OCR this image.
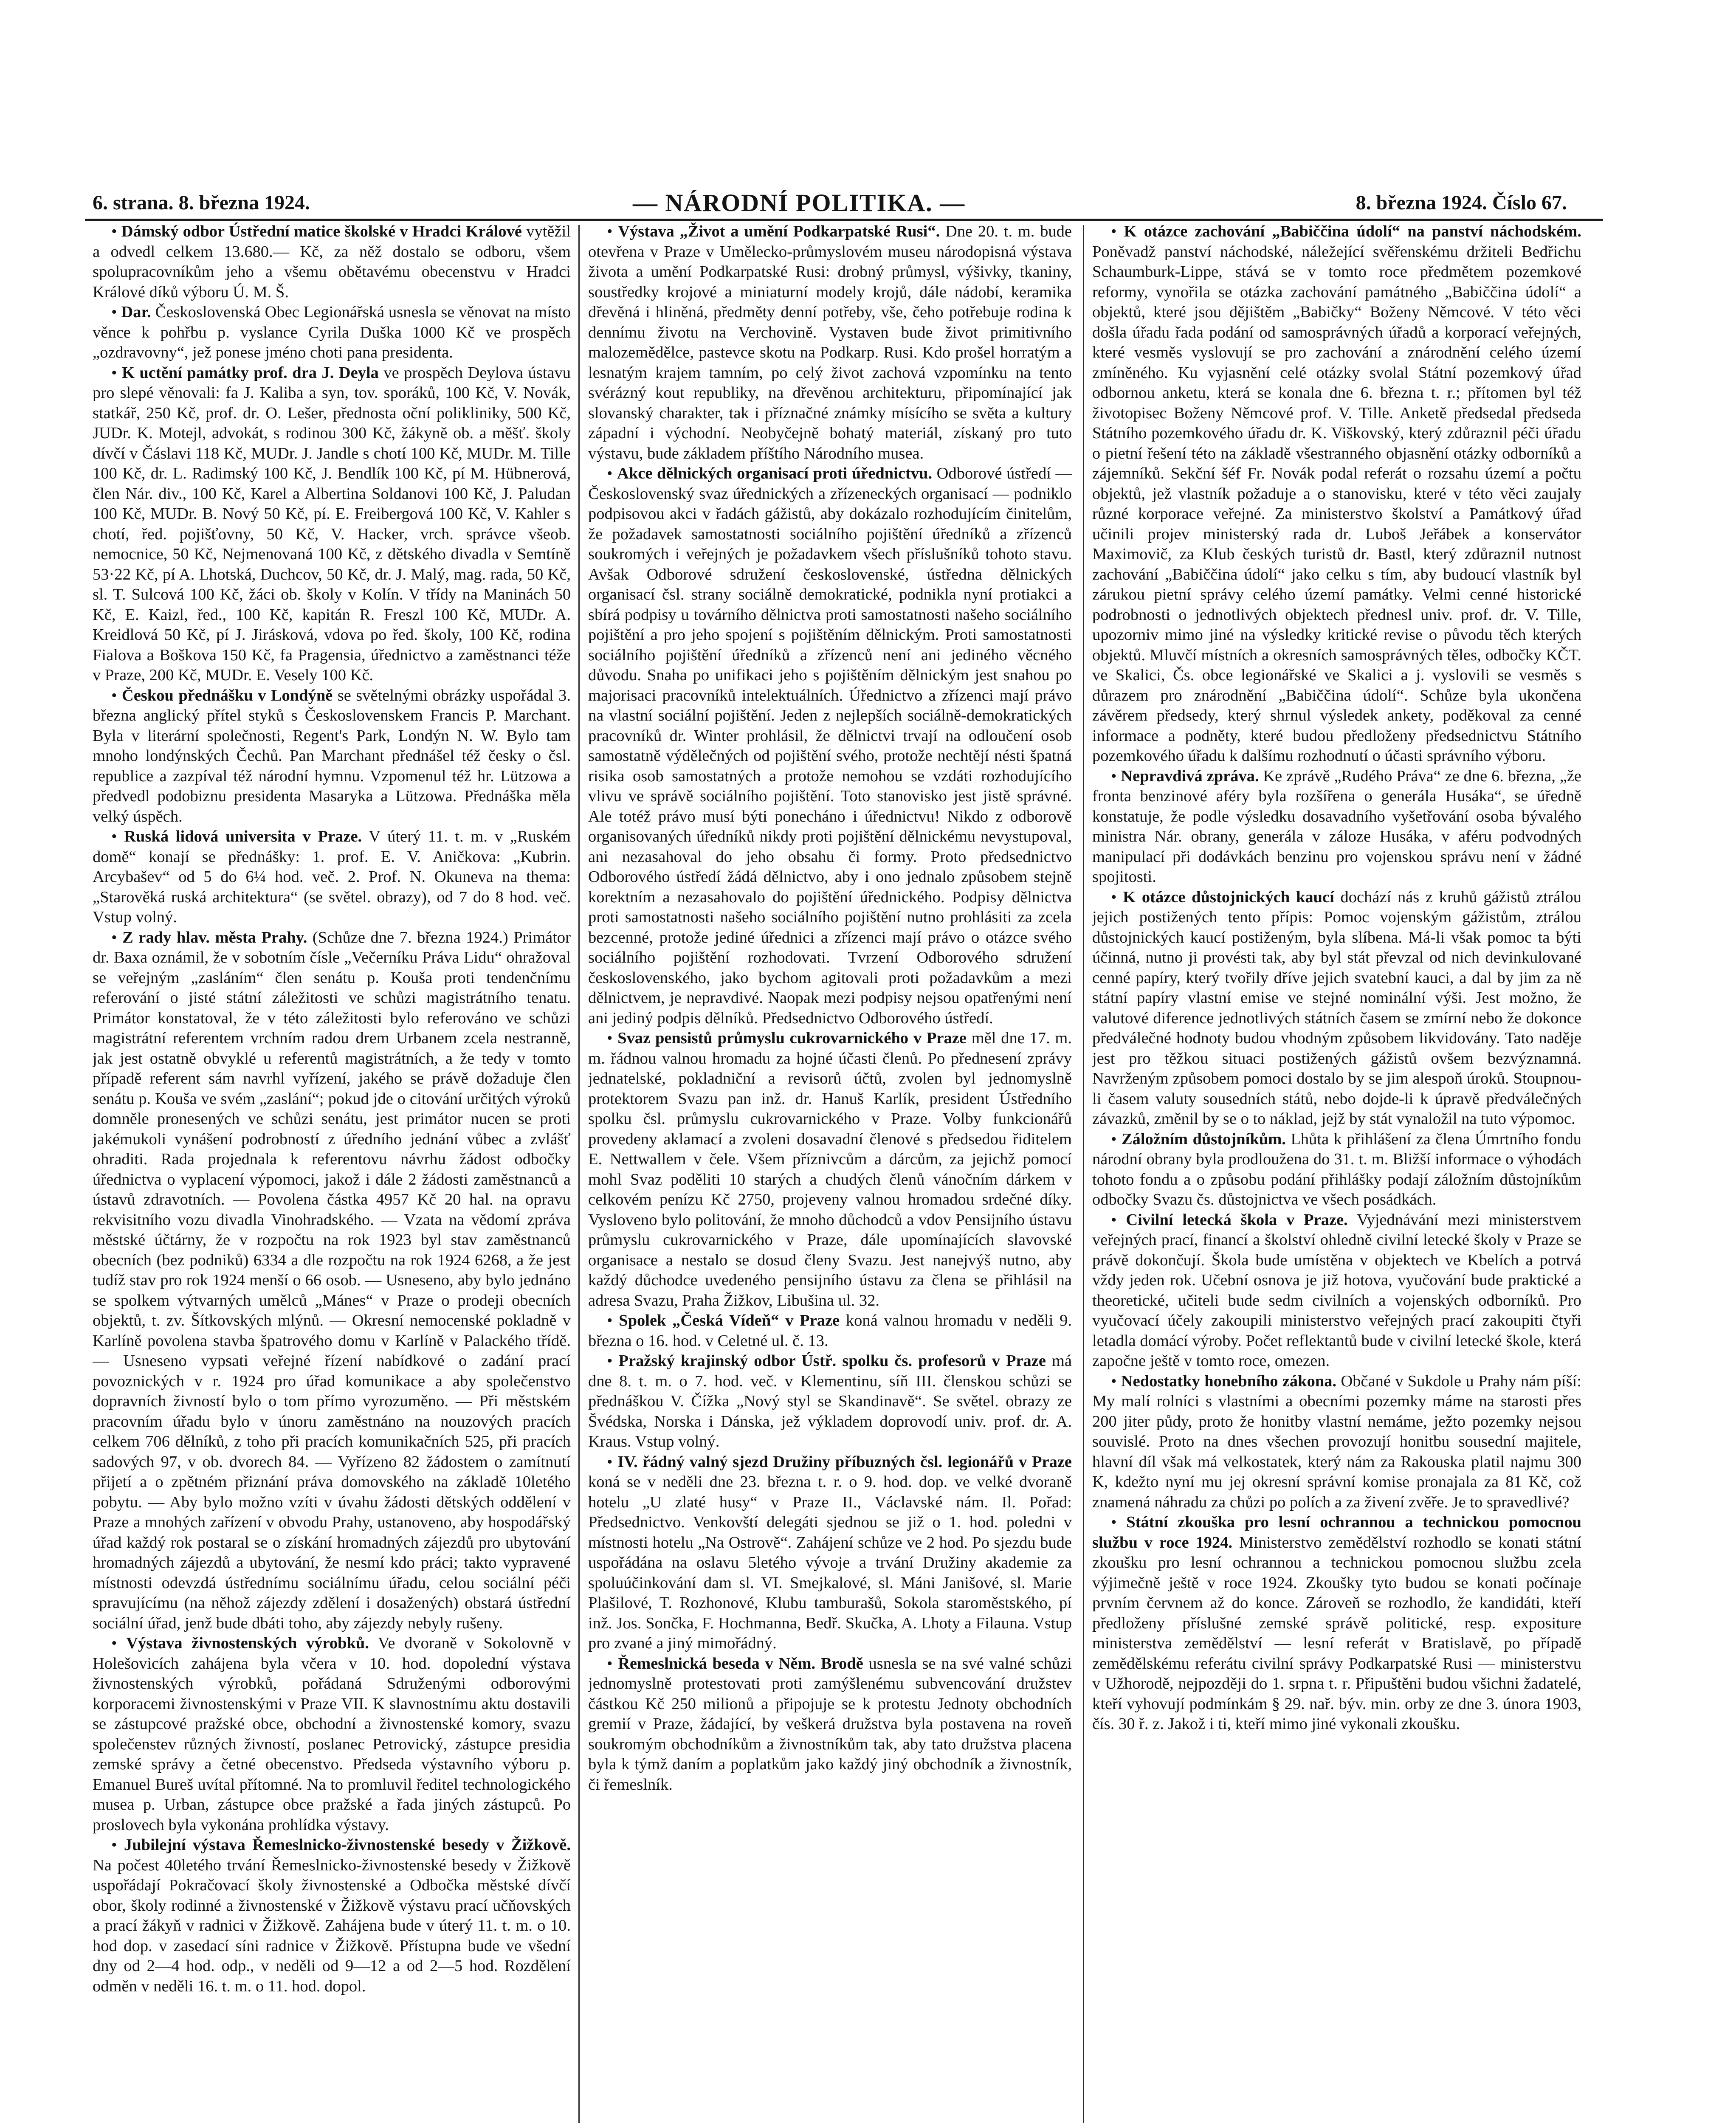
6. strana. 8. března 1924.	— NÁRODNÍ POLITIKA. —	8. března 1924. Číslo 67.

• Dámský odbor Ústřední matice školské v Hradci Králové vytěžil a odvedl celkem 13.680.— Kč, za něž dostalo se odboru, všem spolupracovníkům jeho a všemu obětavému obecenstvu v Hradci Králové díků výboru Ú. M. Š.

• Dar. Československá Obec Legionářská usnesla se věnovat na místo věnce k pohřbu p. vyslance Cyrila Duška 1000 Kč ve prospěch „ozdravovny“, jež ponese jméno choti pana presidenta.

• K uctění památky prof. dra J. Deyla ve prospěch Deylova ústavu pro slepé věnovali: fa J. Kaliba a syn, tov. sporáků, 100 Kč, V. Novák, statkář, 250 Kč, prof. dr. O. Lešer, přednosta oční polikliniky, 500 Kč, JUDr. K. Motejl, advokát, s rodinou 300 Kč, žákyně ob. a měšť. školy dívčí v Čáslavi 118 Kč, MUDr. J. Jandle s chotí 100 Kč, MUDr. M. Tille 100 Kč, dr. L. Radimský 100 Kč, J. Bendlík 100 Kč, pí M. Hübnerová, člen Nár. div., 100 Kč, Karel a Albertina Soldanovi 100 Kč, J. Paludan 100 Kč, MUDr. B. Nový 50 Kč, pí. E. Freibergová 100 Kč, V. Kahler s chotí, řed. pojišťovny, 50 Kč, V. Hacker, vrch. správce všeob. nemocnice, 50 Kč, Nejmenovaná 100 Kč, z dětského divadla v Semtíně 53·22 Kč, pí A. Lhotská, Duchcov, 50 Kč, dr. J. Malý, mag. rada, 50 Kč, sl. T. Sulcová 100 Kč, žáci ob. školy v Kolín. V třídy na Maninách 50 Kč, E. Kaizl, řed., 100 Kč, kapitán R. Freszl 100 Kč, MUDr. A. Kreidlová 50 Kč, pí J. Jirásková, vdova po řed. školy, 100 Kč, rodina Fialova a Boškova 150 Kč, fa Pragensia, úřednictvo a zaměstnanci téže v Praze, 200 Kč, MUDr. E. Vesely 100 Kč.

• Českou přednášku v Londýně se světelnými obrázky uspořádal 3. března anglický přítel styků s Československem Francis P. Marchant. Byla v literární společnosti, Regent's Park, Londýn N. W. Bylo tam mnoho londýnských Čechů. Pan Marchant přednášel též česky o čsl. republice a zazpíval též národní hymnu. Vzpomenul též hr. Lützowa a předvedl podobiznu presidenta Masaryka a Lützowa. Přednáška měla velký úspěch.

• Ruská lidová universita v Praze. V úterý 11. t. m. v „Ruském domě“ konají se přednášky: 1. prof. E. V. Aničkova: „Kubrin. Arcybašev“ od 5 do 6¼ hod. več. 2. Prof. N. Okuneva na thema: „Starověká ruská architektura“ (se světel. obrazy), od 7 do 8 hod. več. Vstup volný.

• Z rady hlav. města Prahy. (Schůze dne 7. března 1924.) Primátor dr. Baxa oznámil, že v sobotním čísle „Večerníku Práva Lidu“ ohražoval se veřejným „zasláním“ člen senátu p. Kouša proti tendenčnímu referování o jisté státní záležitosti ve schůzi magistrátního tenatu. Primátor konstatoval, že v této záležitosti bylo referováno ve schůzi magistrátní referentem vrchním radou drem Urbanem zcela nestranně, jak jest ostatně obvyklé u referentů magistrátních, a že tedy v tomto případě referent sám navrhl vyřízení, jakého se právě dožaduje člen senátu p. Kouša ve svém „zaslání“; pokud jde o citování určitých výroků domněle pronesených ve schůzi senátu, jest primátor nucen se proti jakémukoli vynášení podrobností z úředního jednání vůbec a zvlášť ohraditi. Rada projednala k referentovu návrhu žádost odbočky úřednictva o vyplacení výpomoci, jakož i dále 2 žádosti zaměstnanců a ústavů zdravotních. — Povolena částka 4957 Kč 20 hal. na opravu rekvisitního vozu divadla Vinohradského. — Vzata na vědomí zpráva městské účtárny, že v rozpočtu na rok 1923 byl stav zaměstnanců obecních (bez podniků) 6334 a dle rozpočtu na rok 1924 6268, a že jest tudíž stav pro rok 1924 menší o 66 osob. — Usneseno, aby bylo jednáno se spolkem výtvarných umělců „Mánes“ v Praze o prodeji obecních objektů, t. zv. Šítkovských mlýnů. — Okresní nemocenské pokladně v Karlíně povolena stavba špatrového domu v Karlíně v Palackého třídě. — Usneseno vypsati veřejné řízení nabídkové o zadání prací povoznických v r. 1924 pro úřad komunikace a aby společenstvo dopravních živností bylo o tom přímo vyrozuměno. — Při městském pracovním úřadu bylo v únoru zaměstnáno na nouzových pracích celkem 706 dělníků, z toho při pracích komunikačních 525, při pracích sadových 97, v ob. dvorech 84. — Vyřízeno 82 žádostem o zamítnutí přijetí a o zpětném přiznání práva domovského na základě 10letého pobytu. — Aby bylo možno vzíti v úvahu žádosti dětských oddělení v Praze a mnohých zařízení v obvodu Prahy, ustanoveno, aby hospodářský úřad každý rok postaral se o získání hromadných zájezdů pro ubytování hromadných zájezdů a ubytování, že nesmí kdo práci; takto vypravené místnosti odevzdá ústřednímu sociálnímu úřadu, celou sociální péči spravujícímu (na něhož zájezdy zdělení i dosažených) obstará ústřední sociální úřad, jenž bude dbáti toho, aby zájezdy nebyly rušeny.

• Výstava živnostenských výrobků. Ve dvoraně v Sokolovně v Holešovicích zahájena byla včera v 10. hod. dopolední výstava živnostenských výrobků, pořádaná Sdruženými odborovými korporacemi živnostenskými v Praze VII. K slavnostnímu aktu dostavili se zástupcové pražské obce, obchodní a živnostenské komory, svazu společenstev různých živností, poslanec Petrovický, zástupce presidia zemské správy a četné obecenstvo. Předseda výstavního výboru p. Emanuel Bureš uvítal přítomné. Na to promluvil ředitel technologického musea p. Urban, zástupce obce pražské a řada jiných zástupců. Po proslovech byla vykonána prohlídka výstavy.

• Jubilejní výstava Řemeslnicko-živnostenské besedy v Žižkově. Na počest 40letého trvání Řemeslnicko-živnostenské besedy v Žižkově uspořádají Pokračovací školy živnostenské a Odbočka městské dívčí obor, školy rodinné a živnostenské v Žižkově výstavu prací učňovských a prací žákyň v radnici v Žižkově. Zahájena bude v úterý 11. t. m. o 10. hod dop. v zasedací síni radnice v Žižkově. Přístupna bude ve všední dny od 2—4 hod. odp., v neděli od 9—12 a od 2—5 hod. Rozdělení odměn v neděli 16. t. m. o 11. hod. dopol.

• Výstava „Život a umění Podkarpatské Rusi“. Dne 20. t. m. bude otevřena v Praze v Umělecko-průmyslovém museu národopisná výstava života a umění Podkarpatské Rusi: drobný průmysl, výšivky, tkaniny, soustředky krojové a miniaturní modely krojů, dále nádobí, keramika dřevěná i hliněná, předměty denní potřeby, vše, čeho potřebuje rodina k dennímu životu na Verchovině. Vystaven bude život primitivního malozemědělce, pastevce skotu na Podkarp. Rusi. Kdo prošel horratým a lesnatým krajem tamním, po celý život zachová vzpomínku na tento svérázný kout republiky, na dřevěnou architekturu, připomínající jak slovanský charakter, tak i příznačné známky mísícího se světa a kultury západní i východní. Neobyčejně bohatý materiál, získaný pro tuto výstavu, bude základem příštího Národního musea.

• Akce dělnických organisací proti úřednictvu. Odborové ústředí — Československý svaz úřednických a zřízeneckých organisací — podniklo podpisovou akci v řadách gážistů, aby dokázalo rozhodujícím činitelům, že požadavek samostatnosti sociálního pojištění úředníků a zřízenců soukromých i veřejných je požadavkem všech příslušníků tohoto stavu. Avšak Odborové sdružení československé, ústředna dělnických organisací čsl. strany sociálně demokratické, podnikla nyní protiakci a sbírá podpisy u továrního dělnictva proti samostatnosti našeho sociálního pojištění a pro jeho spojení s pojištěním dělnickým. Proti samostatnosti sociálního pojištění úředníků a zřízenců není ani jediného věcného důvodu. Snaha po unifikaci jeho s pojištěním dělnickým jest snahou po majorisaci pracovníků intelektuálních. Úřednictvo a zřízenci mají právo na vlastní sociální pojištění. Jeden z nejlepších sociálně-demokratických pracovníků dr. Winter prohlásil, že dělnictvi trvají na odloučení osob samostatně výdělečných od pojištění svého, protože nechtějí nésti špatná risika osob samostatných a protože nemohou se vzdáti rozhodujícího vlivu ve správě sociálního pojištění. Toto stanovisko jest jistě správné. Ale totéž právo musí býti ponecháno i úřednictvu! Nikdo z odborově organisovaných úředníků nikdy proti pojištění dělnickému nevystupoval, ani nezasahoval do jeho obsahu či formy. Proto předsednictvo Odborového ústředí žádá dělnictvo, aby i ono jednalo způsobem stejně korektním a nezasahovalo do pojištění úřednického. Podpisy dělnictva proti samostatnosti našeho sociálního pojištění nutno prohlásiti za zcela bezcenné, protože jediné úřednici a zřízenci mají právo o otázce svého sociálního pojištění rozhodovati. Tvrzení Odborového sdružení československého, jako bychom agitovali proti požadavkům a mezi dělnictvem, je nepravdivé. Naopak mezi podpisy nejsou opatřenými není ani jediný podpis dělníků. Předsednictvo Odborového ústředí.

• Svaz pensistů průmyslu cukrovarnického v Praze měl dne 17. m. m. řádnou valnou hromadu za hojné účasti členů. Po přednesení zprávy jednatelské, pokladniční a revisorů účtů, zvolen byl jednomyslně protektorem Svazu pan inž. dr. Hanuš Karlík, president Ústředního spolku čsl. průmyslu cukrovarnického v Praze. Volby funkcionářů provedeny aklamací a zvoleni dosavadní členové s předsedou řiditelem E. Nettwallem v čele. Všem příznivcům a dárcům, za jejichž pomocí mohl Svaz poděliti 10 starých a chudých členů vánočním dárkem v celkovém penízu Kč 2750, projeveny valnou hromadou srdečné díky. Vysloveno bylo politování, že mnoho důchodců a vdov Pensijního ústavu průmyslu cukrovarnického v Praze, dále upomínajících slavovské organisace a nestalo se dosud členy Svazu. Jest nanejvýš nutno, aby každý důchodce uvedeného pensijního ústavu za člena se přihlásil na adresa Svazu, Praha Žižkov, Libušina ul. 32.

• Spolek „Česká Vídeň“ v Praze koná valnou hromadu v neděli 9. března o 16. hod. v Celetné ul. č. 13.

• Pražský krajinský odbor Ústř. spolku čs. profesorů v Praze má dne 8. t. m. o 7. hod. več. v Klementinu, síň III. členskou schůzi se přednáškou V. Čížka „Nový styl se Skandinavě“. Se světel. obrazy ze Švédska, Norska i Dánska, jež výkladem doprovodí univ. prof. dr. A. Kraus. Vstup volný.

• IV. řádný valný sjezd Družiny příbuzných čsl. legionářů v Praze koná se v neděli dne 23. března t. r. o 9. hod. dop. ve velké dvoraně hotelu „U zlaté husy“ v Praze II., Václavské nám. Il. Pořad: Předsednictvo. Venkovští delegáti sjednou se již o 1. hod. poledni v místnosti hotelu „Na Ostrově“. Zahájení schůze ve 2 hod. Po sjezdu bude uspořádána na oslavu 5letého vývoje a trvání Družiny akademie za spoluúčinkování dam sl. VI. Smejkalové, sl. Máni Janišové, sl. Marie Plašilové, T. Rozhonové, Klubu tamburašů, Sokola staroměstského, pí inž. Jos. Sončka, F. Hochmanna, Bedř. Skučka, A. Lhoty a Filauna. Vstup pro zvané a jiný mimořádný.

• Řemeslnická beseda v Něm. Brodě usnesla se na své valné schůzi jednomyslně protestovati proti zamýšlenému subvencování družstev částkou Kč 250 milionů a připojuje se k protestu Jednoty obchodních gremií v Praze, žádající, by veškerá družstva byla postavena na roveň soukromým obchodníkům a živnostníkům tak, aby tato družstva placena byla k týmž daním a poplatkům jako každý jiný obchodník a živnostník, či řemeslník.

• K otázce zachování „Babiččina údolí“ na panství náchodském. Poněvadž panství náchodské, náležející svěřenskému držiteli Bedřichu Schaumburk-Lippe, stává se v tomto roce předmětem pozemkové reformy, vynořila se otázka zachování památného „Babiččina údolí“ a objektů, které jsou dějištěm „Babičky“ Boženy Němcové. V této věci došla úřadu řada podání od samosprávných úřadů a korporací veřejných, které vesměs vyslovují se pro zachování a znárodnění celého území zmíněného. Ku vyjasnění celé otázky svolal Státní pozemkový úřad odbornou anketu, která se konala dne 6. března t. r.; přítomen byl též životopisec Boženy Němcové prof. V. Tille. Anketě předsedal předseda Státního pozemkového úřadu dr. K. Viškovský, který zdůraznil péči úřadu o pietní řešení této na základě všestranného objasnění otázky odborníků a zájemníků. Sekční šéf Fr. Novák podal referát o rozsahu území a počtu objektů, jež vlastník požaduje a o stanovisku, které v této věci zaujaly různé korporace veřejné. Za ministerstvo školství a Památkový úřad učinili projev ministerský rada dr. Luboš Jeřábek a konservátor Maximovič, za Klub českých turistů dr. Bastl, který zdůraznil nutnost zachování „Babiččina údolí“ jako celku s tím, aby budoucí vlastník byl zárukou pietní správy celého území památky. Velmi cenné historické podrobnosti o jednotlivých objektech přednesl univ. prof. dr. V. Tille, upozorniv mimo jiné na výsledky kritické revise o původu těch kterých objektů. Mluvčí místních a okresních samosprávných těles, odbočky KČT. ve Skalici, Čs. obce legionářské ve Skalici a j. vyslovili se vesměs s důrazem pro znárodnění „Babiččina údolí“. Schůze byla ukončena závěrem předsedy, který shrnul výsledek ankety, poděkoval za cenné informace a podněty, které budou předloženy předsednictvu Státního pozemkového úřadu k dalšímu rozhodnutí o účasti správního výboru.

• Nepravdivá zpráva. Ke zprávě „Rudého Práva“ ze dne 6. března, „že fronta benzinové aféry byla rozšířena o generála Husáka“, se úředně konstatuje, že podle výsledku dosavadního vyšetřování osoba bývalého ministra Nár. obrany, generála v záloze Husáka, v aféru podvodných manipulací při dodávkách benzinu pro vojenskou správu není v žádné spojitosti.

• K otázce důstojnických kaucí dochází nás z kruhů gážistů ztrálou jejich postižených tento přípis: Pomoc vojenským gážistům, ztrálou důstojnických kaucí postiženým, byla slíbena. Má-li však pomoc ta býti účinná, nutno ji provésti tak, aby byl stát převzal od nich devinkulované cenné papíry, který tvořily dříve jejich svatební kauci, a dal by jim za ně státní papíry vlastní emise ve stejné nominální výši. Jest možno, že valutové diference jednotlivých státních časem se zmírní nebo že dokonce předválečné hodnoty budou vhodným způsobem likvidovány. Tato naděje jest pro těžkou situaci postižených gážistů ovšem bezvýznamná. Navrženým způsobem pomoci dostalo by se jim alespoň úroků. Stoupnou-li časem valuty sousedních států, nebo dojde-li k úpravě předválečných závazků, změnil by se o to náklad, jejž by stát vynaložil na tuto výpomoc.

• Záložním důstojníkům. Lhůta k přihlášení za člena Úmrtního fondu národní obrany byla prodloužena do 31. t. m. Bližší informace o výhodách tohoto fondu a o způsobu podání přihlášky podají záložním důstojníkům odbočky Svazu čs. důstojnictva ve všech posádkách.

• Civilní letecká škola v Praze. Vyjednávání mezi ministerstvem veřejných prací, financí a školství ohledně civilní letecké školy v Praze se právě dokončují. Škola bude umístěna v objektech ve Kbelích a potrvá vždy jeden rok. Učební osnova je již hotova, vyučování bude praktické a theoretické, učiteli bude sedm civilních a vojenských odborníků. Pro vyučovací účely zakoupili ministerstvo veřejných prací zakoupiti čtyři letadla domácí výroby. Počet reflektantů bude v civilní letecké škole, která započne ještě v tomto roce, omezen.

• Nedostatky honebního zákona. Občané v Sukdole u Prahy nám píší: My malí rolníci s vlastními a obecními pozemky máme na starosti přes 200 jiter půdy, proto že honitby vlastní nemáme, ježto pozemky nejsou souvislé. Proto na dnes všechen provozují honitbu sousední majitele, hlavní díl však má velkostatek, který nám za Rakouska platil najmu 300 K, kdežto nyní mu jej okresní správní komise pronajala za 81 Kč, což znamená náhradu za chůzi po polích a za živení zvěře. Je to spravedlivé?

• Státní zkouška pro lesní ochrannou a technickou pomocnou službu v roce 1924. Ministerstvo zemědělství rozhodlo se konati státní zkoušku pro lesní ochrannou a technickou pomocnou službu zcela výjimečně ještě v roce 1924. Zkoušky tyto budou se konati počínaje prvním červnem až do konce. Zároveň se rozhodlo, že kandidáti, kteří předloženy příslušné zemské správě politické, resp. expositure ministerstva zemědělství — lesní referát v Bratislavě, po případě zemědělskému referátu civilní správy Podkarpatské Rusi — ministerstvu v Užhorodě, nejpozději do 1. srpna t. r. Připuštěni budou všichni žadatelé, kteří vyhovují podmínkám § 29. nař. býv. min. orby ze dne 3. února 1903, čís. 30 ř. z. Jakož i ti, kteří mimo jiné vykonali zkoušku.
